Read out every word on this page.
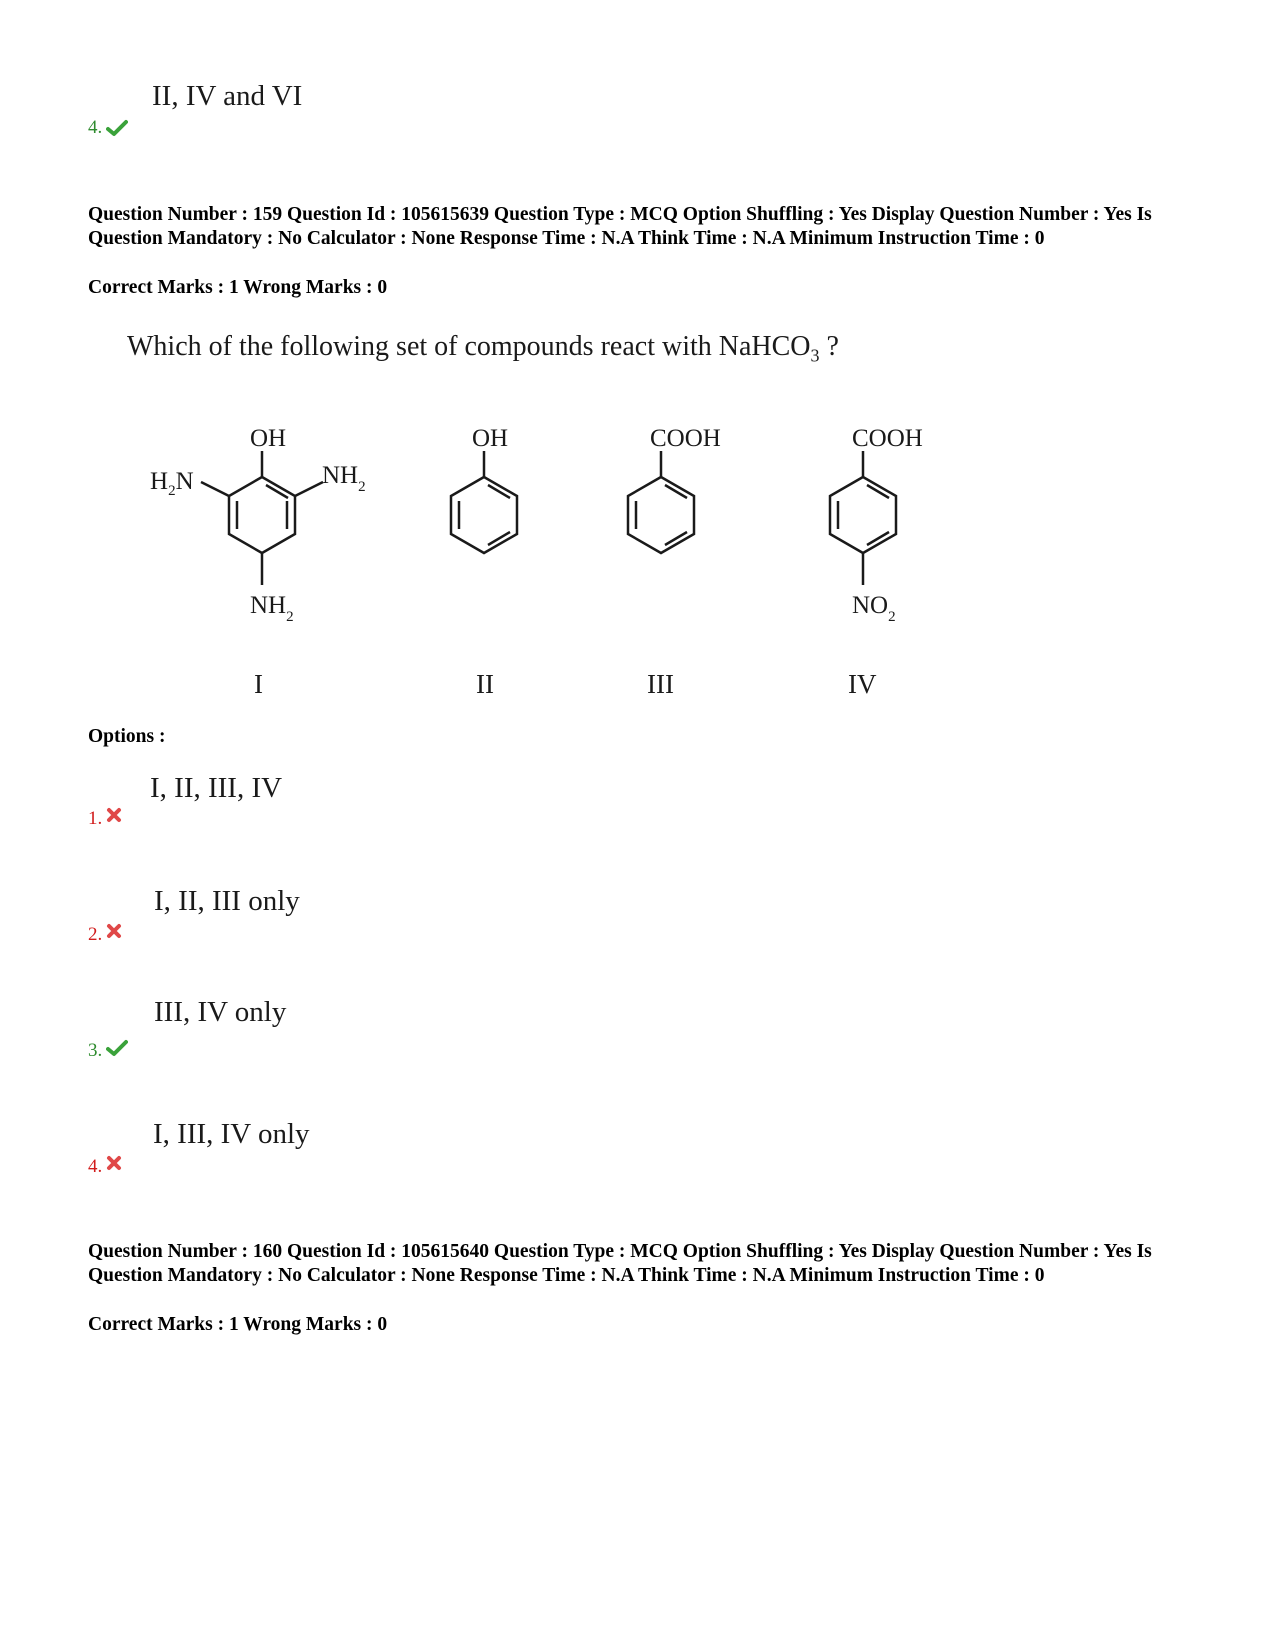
II, IV and VI
4.
Question Number : 159 Question Id : 105615639 Question Type : MCQ Option Shuffling : Yes Display Question Number : Yes Is Question Mandatory : No Calculator : None Response Time : N.A Think Time : N.A Minimum Instruction Time : 0
Correct Marks : 1 Wrong Marks : 0
Which of the following set of compounds react with NaHCO$_3$ ?
OH
$H_2N$	$NH_2$
$NH_2$
I
OH
II
COOH
III
COOH
$NO_2$
IV
Options :
I, II, III, IV
1.
I, II, III only
2.
III, IV only
3.
I, III, IV only
4.
Question Number : 160 Question Id : 105615640 Question Type : MCQ Option Shuffling : Yes Display Question Number : Yes Is Question Mandatory : No Calculator : None Response Time : N.A Think Time : N.A Minimum Instruction Time : 0
Correct Marks : 1 Wrong Marks : 0
